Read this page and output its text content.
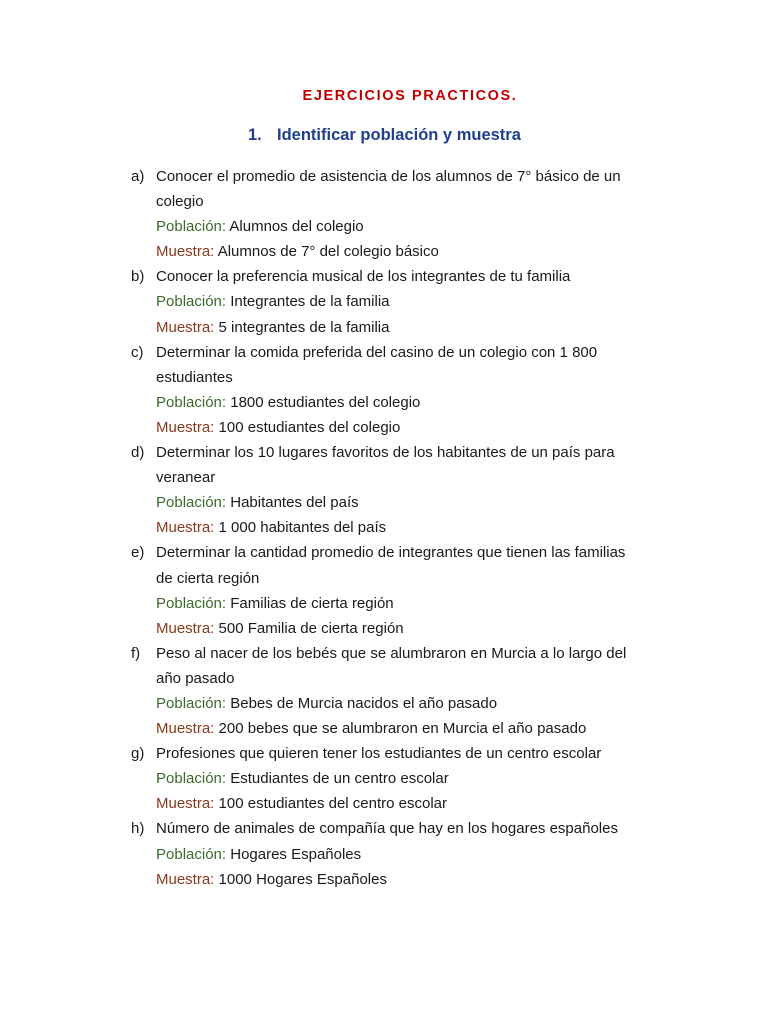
EJERCICIOS PRACTICOS.
1. Identificar población y muestra
a) Conocer el promedio de asistencia de los alumnos de 7° básico de un
colegio
Población: Alumnos del colegio
Muestra: Alumnos de 7° del colegio básico
b) Conocer la preferencia musical de los integrantes de tu familia
Población: Integrantes de la familia
Muestra: 5 integrantes de la familia
c) Determinar la comida preferida del casino de un colegio con 1 800
estudiantes
Población: 1800 estudiantes del colegio
Muestra: 100 estudiantes del colegio
d) Determinar los 10 lugares favoritos de los habitantes de un país para
veranear
Población: Habitantes del país
Muestra: 1 000 habitantes del país
e) Determinar la cantidad promedio de integrantes que tienen las familias
de cierta región
Población: Familias de cierta región
Muestra: 500 Familia de cierta región
f) Peso al nacer de los bebés que se alumbraron en Murcia a lo largo del
año pasado
Población: Bebes de Murcia nacidos el año pasado
Muestra: 200 bebes que se alumbraron en Murcia el año pasado
g) Profesiones que quieren tener los estudiantes de un centro escolar
Población: Estudiantes de un centro escolar
Muestra: 100 estudiantes del centro escolar
h) Número de animales de compañía que hay en los hogares españoles
Población: Hogares Españoles
Muestra: 1000 Hogares Españoles
